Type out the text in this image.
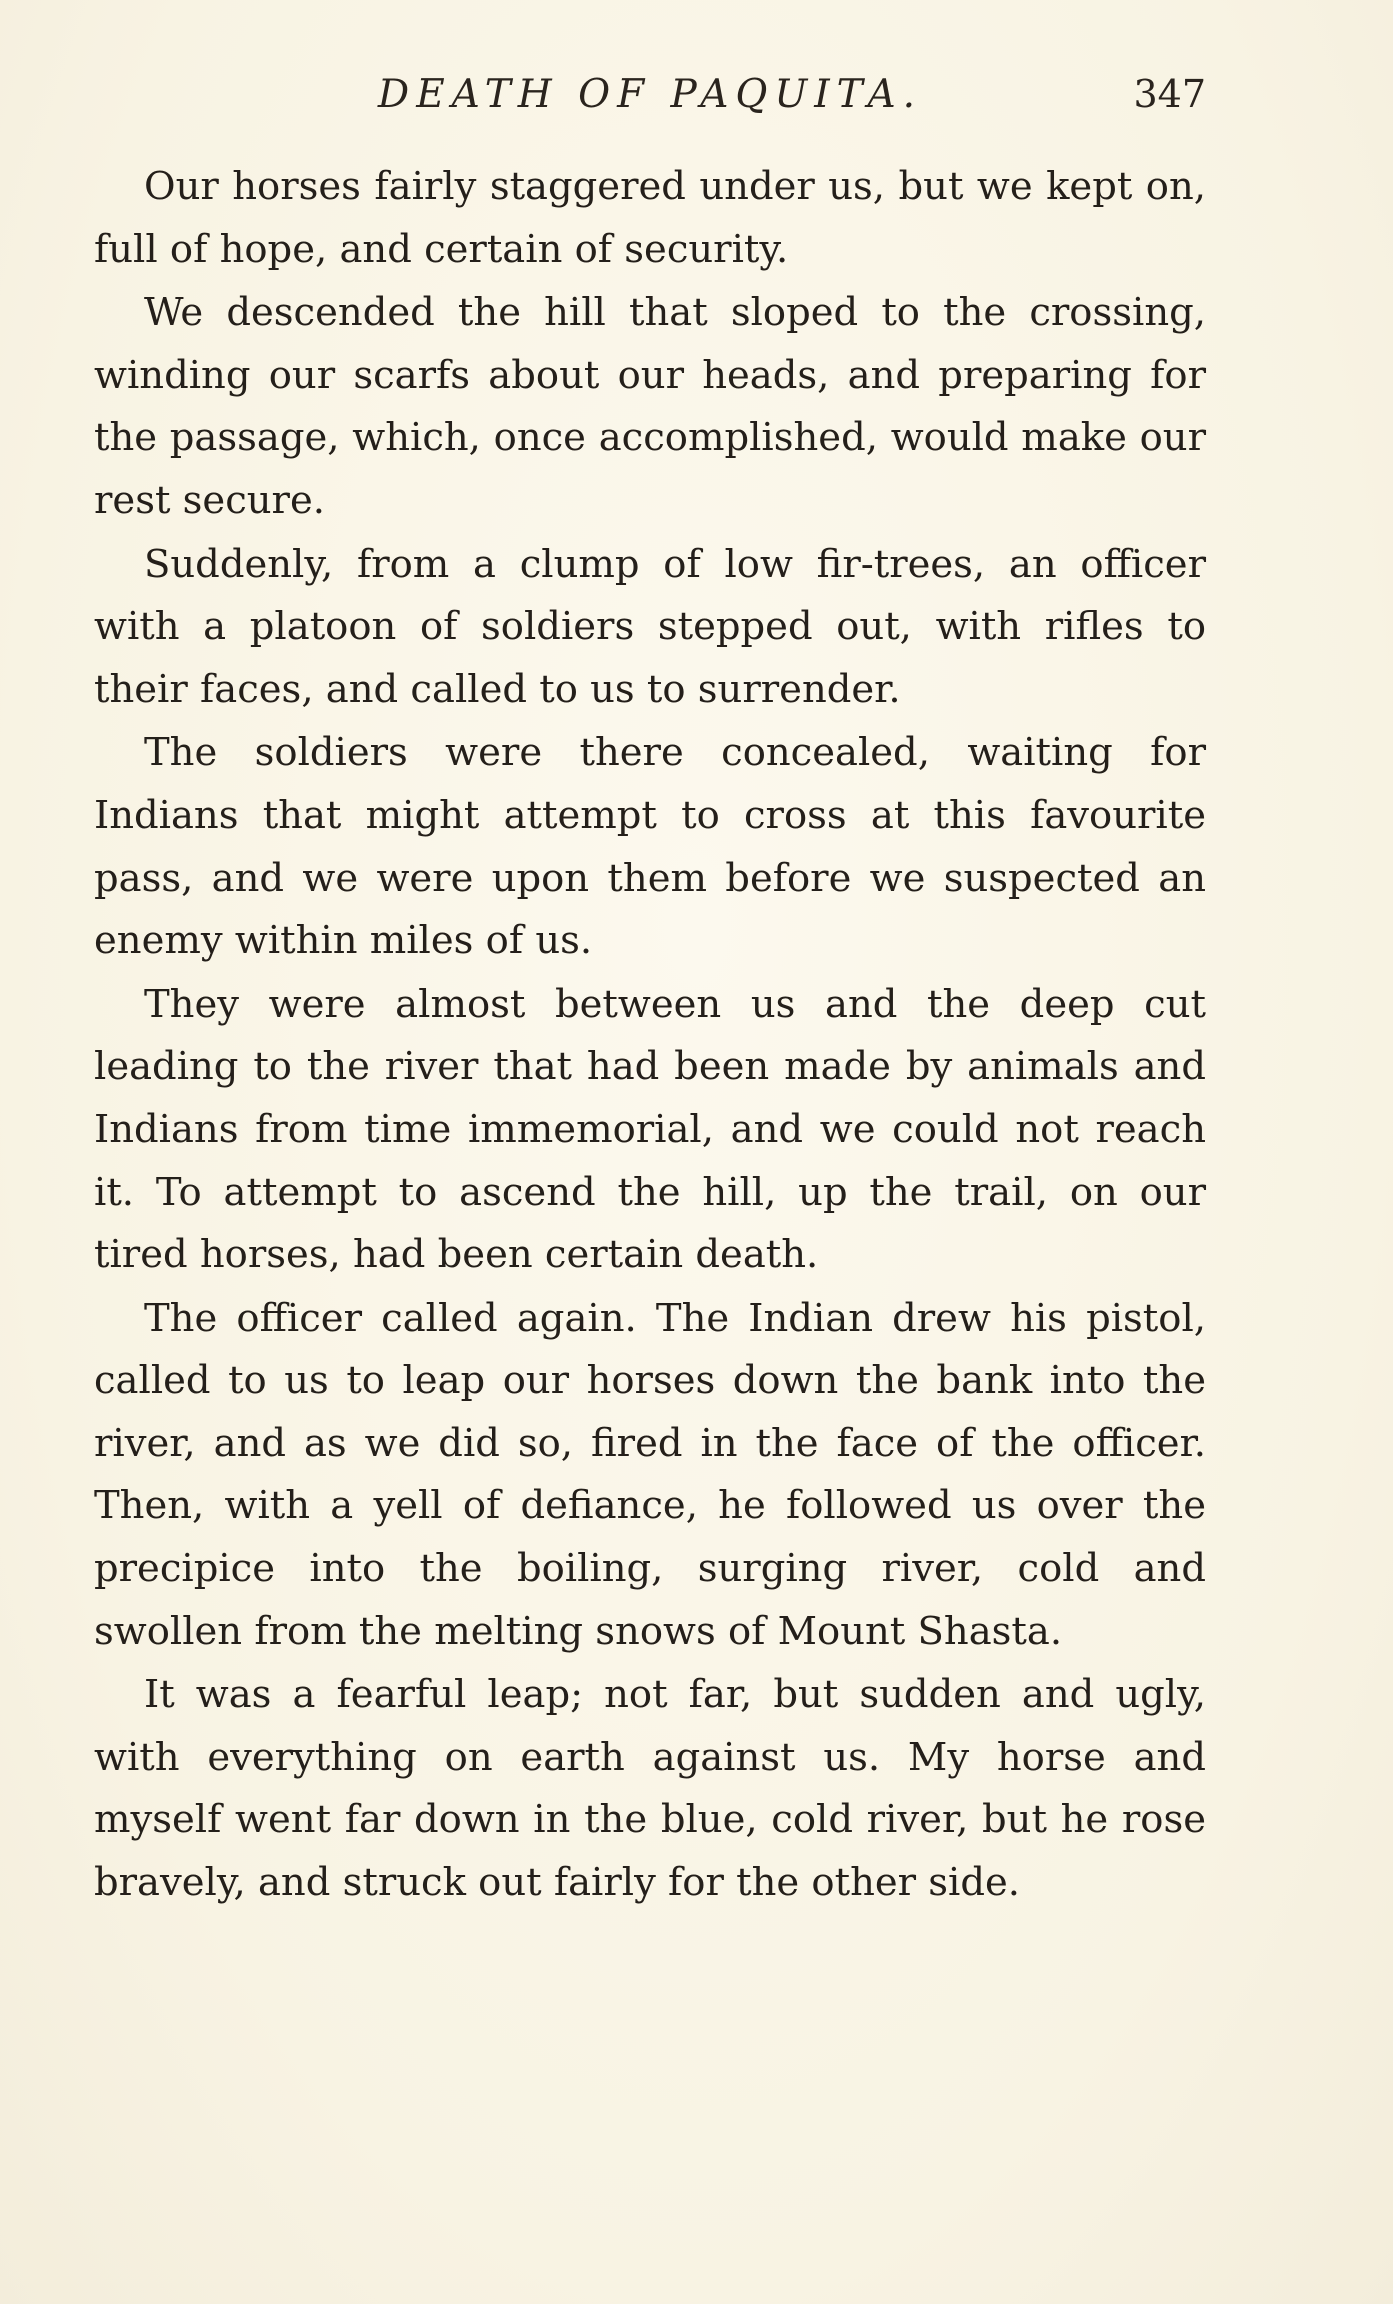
DEATH OF PAQUITA.	347

Our horses fairly staggered under us, but we kept on, full of hope, and certain of security.

We descended the hill that sloped to the crossing, winding our scarfs about our heads, and preparing for the passage, which, once accomplished, would make our rest secure.

Suddenly, from a clump of low fir-trees, an officer with a platoon of soldiers stepped out, with rifles to their faces, and called to us to surrender.

The soldiers were there concealed, waiting for Indians that might attempt to cross at this favourite pass, and we were upon them before we suspected an enemy within miles of us.

They were almost between us and the deep cut leading to the river that had been made by animals and Indians from time immemorial, and we could not reach it. To attempt to ascend the hill, up the trail, on our tired horses, had been certain death.

The officer called again. The Indian drew his pistol, called to us to leap our horses down the bank into the river, and as we did so, fired in the face of the officer. Then, with a yell of defiance, he followed us over the precipice into the boiling, surging river, cold and swollen from the melting snows of Mount Shasta.

It was a fearful leap; not far, but sudden and ugly, with everything on earth against us. My horse and myself went far down in the blue, cold river, but he rose bravely, and struck out fairly for the other side.
